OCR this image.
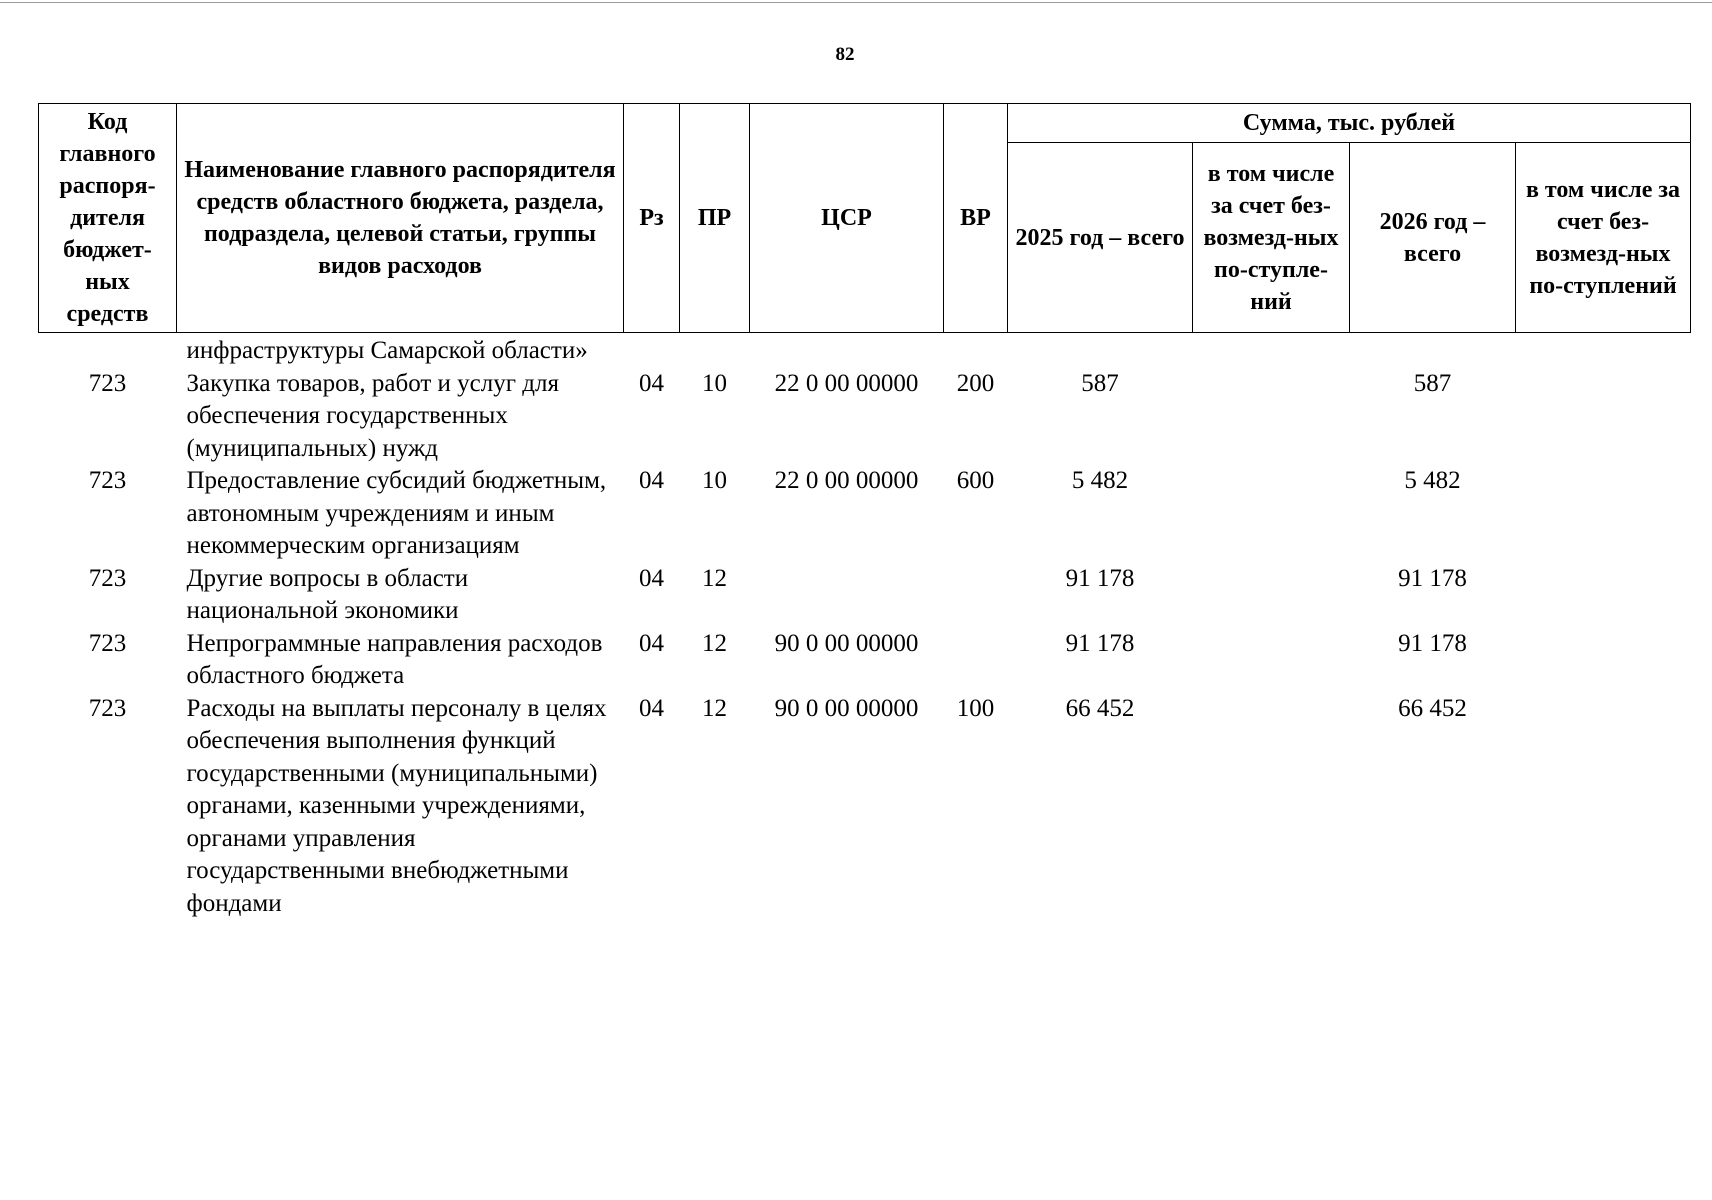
82
Код главного распоря-дителя бюджет-ных средств	Наименование главного распорядителя средств областного бюджета, раздела, подраздела, целевой статьи, группы видов расходов	Рз	ПР	ЦСР	ВР	Сумма, тыс. рублей			
						2025 год – всего	в том числе за счет без-возмезд-ных по-ступле-ний	2026 год – всего	в том числе за счет без-возмезд-ных по-ступлений

	инфраструктуры Самарской области»								
723	Закупка товаров, работ и услуг для обеспечения государственных (муниципальных) нужд	04	10	22 0 00 00000	200	587		587	
723	Предоставление субсидий бюджетным, автономным учреждениям и иным некоммерческим организациям	04	10	22 0 00 00000	600	5 482		5 482	
723	Другие вопросы в области национальной экономики	04	12			91 178		91 178	
723	Непрограммные направления расходов областного бюджета	04	12	90 0 00 00000		91 178		91 178	
723	Расходы на выплаты персоналу в целях обеспечения выполнения функций государственными (муниципальными) органами, казенными учреждениями, органами управления государственными внебюджетными фондами	04	12	90 0 00 00000	100	66 452		66 452	
